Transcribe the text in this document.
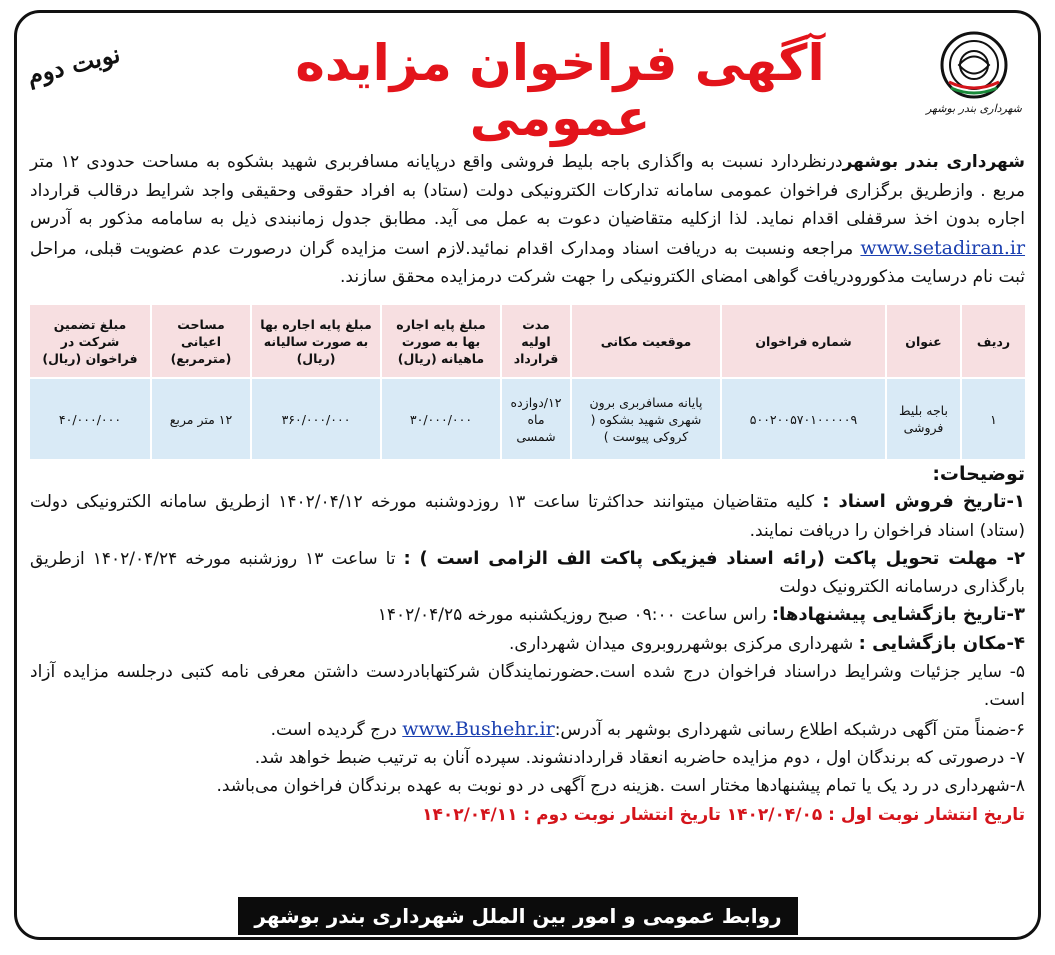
شهرداری بندر بوشهر
آگهی فراخوان مزایده عمومی
نوبت دوم
شهرداری بندر بوشهردرنظردارد نسبت به واگذاری باجه بلیط فروشی واقع درپایانه مسافربری شهید بشکوه به مساحت حدودی ۱۲ متر مربع . وازطریق برگزاری فراخوان عمومی سامانه تدارکات الکترونیکی دولت (ستاد) به افراد حقوقی وحقیقی واجد شرایط درقالب قرارداد اجاره بدون اخذ سرقفلی اقدام نماید. لذا ازکلیه متقاضیان دعوت به عمل می آید. مطابق جدول زمانبندی ذیل به سامامه مذکور به آدرس www.setadiran.ir مراجعه ونسبت به دریافت اسناد ومدارک اقدام نمائید.لازم است مزایده گران درصورت عدم عضویت قبلی، مراحل ثبت نام درسایت مذکورودریافت گواهی امضای الکترونیکی را جهت شرکت درمزایده محقق سازند.
ردیف	عنوان	شماره فراخوان	موقعیت مکانی	مدت اولیه قرارداد	مبلغ پایه اجاره بها به صورت ماهیانه (ریال)	مبلغ پایه اجاره بها به صورت سالیانه (ریال)	مساحت اعیانی (مترمربع)	مبلغ تضمین شرکت در فراخوان (ریال)
۱	باجه بلیط فروشی	۵۰۰۲۰۰۵۷۰۱۰۰۰۰۰۹	پایانه مسافربری برون شهری شهید بشکوه ( کروکی پیوست )	۱۲/دوازده ماه شمسی	۳۰/۰۰۰/۰۰۰	۳۶۰/۰۰۰/۰۰۰	۱۲ متر مربع	۴۰/۰۰۰/۰۰۰

توضیحات:

۱-تاریخ فروش اسناد : کلیه متقاضیان میتوانند حداکثرتا ساعت ۱۳ روزدوشنبه مورخه ۱۴۰۲/۰۴/۱۲ ازطریق سامانه الکترونیکی دولت (ستاد) اسناد فراخوان را دریافت نمایند.

۲- مهلت تحویل پاکت (رائه اسناد فیزیکی پاکت الف الزامی است ) : تا ساعت ۱۳ روزشنبه مورخه ۱۴۰۲/۰۴/۲۴ ازطریق بارگذاری درسامانه الکترونیک دولت

۳-تاریخ بازگشایی پیشنهادها: راس ساعت ۰۹:۰۰ صبح روزیکشنبه مورخه ۱۴۰۲/۰۴/۲۵

۴-مکان بازگشایی : شهرداری مرکزی بوشهرروبروی میدان شهرداری.

۵- سایر جزئیات وشرایط دراسناد فراخوان درج شده است.حضورنمایندگان شرکتهابادردست داشتن معرفی نامه کتبی درجلسه مزایده آزاد است.

۶-ضمناً متن آگهی درشبکه اطلاع رسانی شهرداری بوشهر به آدرس:www.Bushehr.ir درج گردیده است.

۷- درصورتی که برندگان اول ، دوم مزایده حاضربه انعقاد قراردادنشوند. سپرده آنان به ترتیب ضبط خواهد شد.

۸-شهرداری در رد یک یا تمام پیشنهادها مختار است .هزینه درج آگهی در دو نوبت به عهده برندگان فراخوان می‌باشد.

تاریخ انتشار نوبت اول : ۱۴۰۲/۰۴/۰۵ تاریخ انتشار نوبت دوم : ۱۴۰۲/۰۴/۱۱

روابط عمومی و امور بین الملل شهرداری بندر بوشهر
